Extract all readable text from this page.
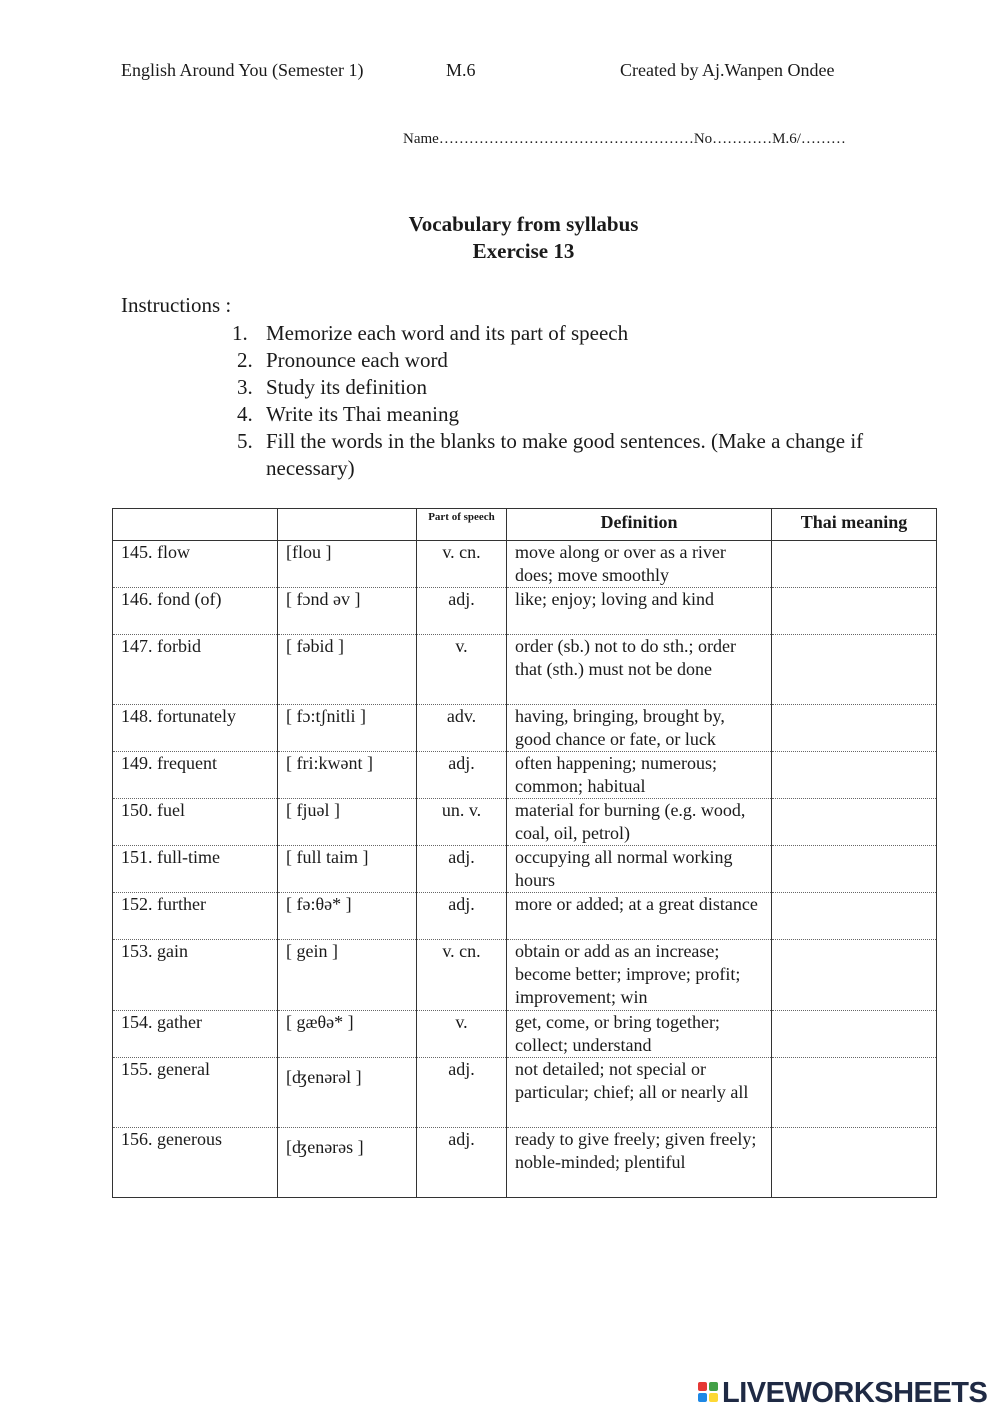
English Around You (Semester 1)	M.6	Created by Aj.Wanpen Ondee
Name……………………………………………No…………M.6/………
Vocabulary from syllabus
Exercise 13
Instructions :
1. Memorize each word and its part of speech
2. Pronounce each word
3. Study its definition
4. Write its Thai meaning
5. Fill the words in the blanks to make good sentences. (Make a change if necessary)
		Part of speech	Definition	Thai meaning
145. flow	[flou ]	v. cn.	move along or over as a river does; move smoothly	
146. fond (of)	[ fɔnd əv ]	adj.	like; enjoy; loving and kind	
147. forbid	[ fəbid ]	v.	order (sb.) not to do sth.; order that (sth.) must not be done	
148. fortunately	[ fɔ:tʃnitli ]	adv.	having, bringing, brought by, good chance or fate, or luck	
149. frequent	[ fri:kwənt ]	adj.	often happening; numerous; common; habitual	
150. fuel	[ fjuəl ]	un. v.	material for burning (e.g. wood, coal, oil, petrol)	
151. full-time	[ full taim ]	adj.	occupying all normal working hours	
152. further	[ fə:θə* ]	adj.	more or added; at a great distance	
153. gain	[ gein ]	v. cn.	obtain or add as an increase; become better; improve; profit; improvement; win	
154. gather	[ gæθə* ]	v.	get, come, or bring together; collect; understand	
155. general	[ʤenərəl ]	adj.	not detailed; not special or particular; chief; all or nearly all	
156. generous	[ʤenərəs ]	adj.	ready to give freely; given freely; noble-minded; plentiful	
LIVEWORKSHEETS
